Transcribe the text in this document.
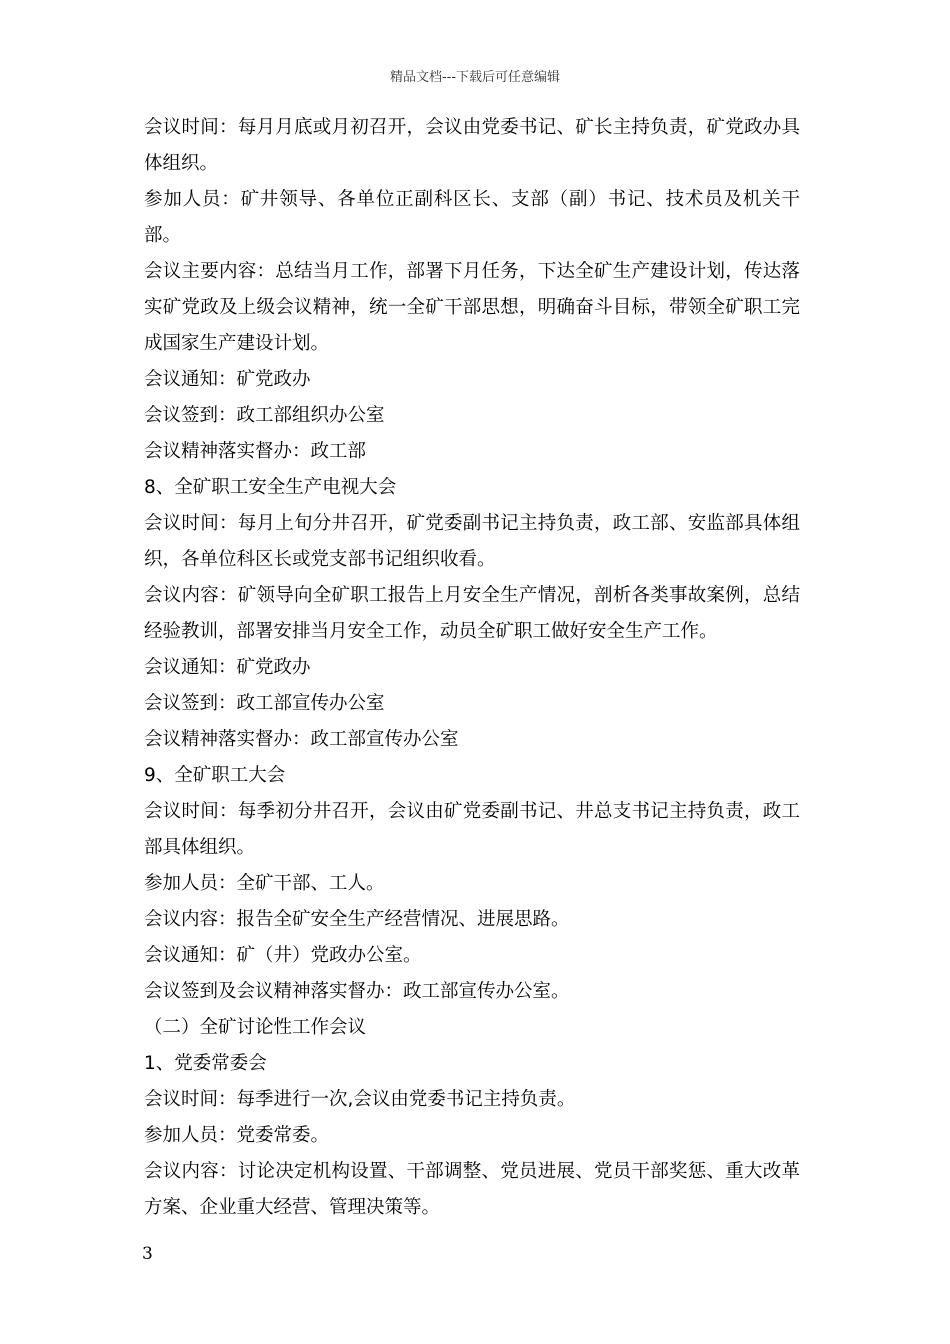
精品文档---下载后可任意编辑

会议时间：每月月底或月初召开，会议由党委书记、矿长主持负责，矿党政办具体组织。

参加人员：矿井领导、各单位正副科区长、支部（副）书记、技术员及机关干部。

会议主要内容：总结当月工作，部署下月任务，下达全矿生产建设计划，传达落实矿党政及上级会议精神，统一全矿干部思想，明确奋斗目标，带领全矿职工完成国家生产建设计划。

会议通知：矿党政办

会议签到：政工部组织办公室

会议精神落实督办：政工部

8、全矿职工安全生产电视大会

会议时间：每月上旬分井召开，矿党委副书记主持负责，政工部、安监部具体组织，各单位科区长或党支部书记组织收看。

会议内容：矿领导向全矿职工报告上月安全生产情况，剖析各类事故案例，总结经验教训，部署安排当月安全工作，动员全矿职工做好安全生产工作。

会议通知：矿党政办

会议签到：政工部宣传办公室

会议精神落实督办：政工部宣传办公室

9、全矿职工大会

会议时间：每季初分井召开，会议由矿党委副书记、井总支书记主持负责，政工部具体组织。

参加人员：全矿干部、工人。

会议内容：报告全矿安全生产经营情况、进展思路。

会议通知：矿（井）党政办公室。

会议签到及会议精神落实督办：政工部宣传办公室。

（二）全矿讨论性工作会议

1、党委常委会

会议时间：每季进行一次,会议由党委书记主持负责。

参加人员：党委常委。

会议内容：讨论决定机构设置、干部调整、党员进展、党员干部奖惩、重大改革方案、企业重大经营、管理决策等。

3
